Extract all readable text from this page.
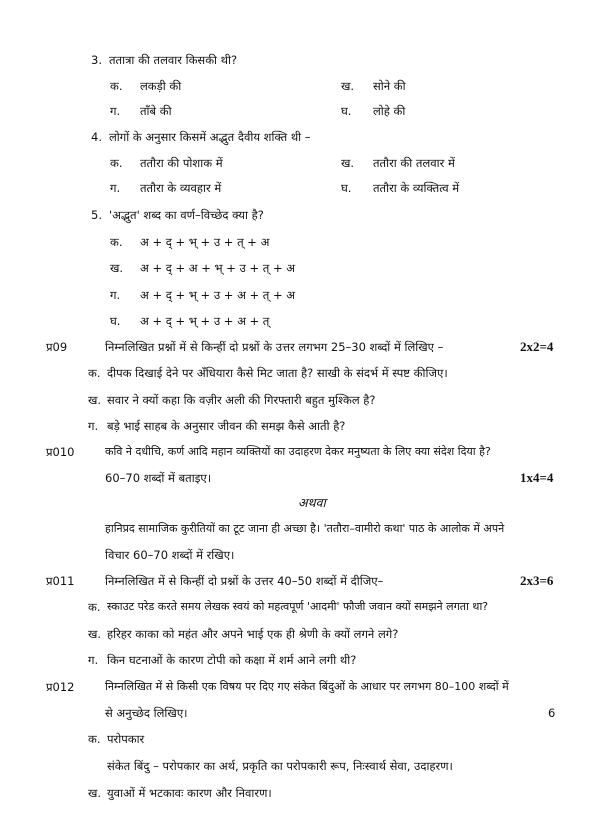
3. ततात्रा की तलवार किसकी थी?
क. लकड़ी की	ख. सोने की
ग. ताँबे की	घ. लोहे की
4. लोगों के अनुसार किसमें अद्भुत दैवीय शक्ति थी –
क. ततौरा की पोशाक में	ख. ततौरा की तलवार में
ग. ततौरा के व्यवहार में	घ. ततौरा के व्यक्तित्व में
5. 'अद्भुत' शब्द का वर्ण–विच्छेद क्या है?
क. अ + द् + भ् + उ + त् + अ
ख. अ + द् + अ + भ् + उ + त् + अ
ग. अ + द् + भ् + उ + अ + त् + अ
घ. अ + द् + भ् + उ + अ + त्
प्र09	निम्नलिखित प्रश्नों में से किन्हीं दो प्रश्नों के उत्तर लगभग 25–30 शब्दों में लिखिए –	2x2=4
क. दीपक दिखाई देने पर अँधियारा कैसे मिट जाता है? साखी के संदर्भ में स्पष्ट कीजिए।
ख. सवार ने क्यों कहा कि वज़ीर अली की गिरफ्तारी बहुत मुश्किल है?
ग. बड़े भाई साहब के अनुसार जीवन की समझ कैसे आती है?
प्र010	कवि ने दधीचि, कर्ण आदि महान व्यक्तियों का उदाहरण देकर मनुष्यता के लिए क्या संदेश दिया है?
60–70 शब्दों में बताइए।	1x4=4
अथवा
हानिप्रद सामाजिक कुरीतियों का टूट जाना ही अच्छा है। 'ततौरा–वामीरो कथा' पाठ के आलोक में अपने
विचार 60–70 शब्दों में रखिए।
प्र011	निम्नलिखित में से किन्हीं दो प्रश्नों के उत्तर 40–50 शब्दों में दीजिए–	2x3=6
क. स्काउट परेड करते समय लेखक स्वयं को महत्वपूर्ण 'आदमी' फौजी जवान क्यों समझने लगता था?
ख. हरिहर काका को महंत और अपने भाई एक ही श्रेणी के क्यों लगने लगे?
ग. किन घटनाओं के कारण टोपी को कक्षा में शर्म आने लगी थी?
प्र012	निम्नलिखित में से किसी एक विषय पर दिए गए संकेत बिंदुओं के आधार पर लगभग 80–100 शब्दों में
से अनुच्छेद लिखिए।	6
क. परोपकार
संकेत बिंदु – परोपकार का अर्थ, प्रकृति का परोपकारी रूप, निःस्वार्थ सेवा, उदाहरण।
ख. युवाओं में भटकावः कारण और निवारण।
